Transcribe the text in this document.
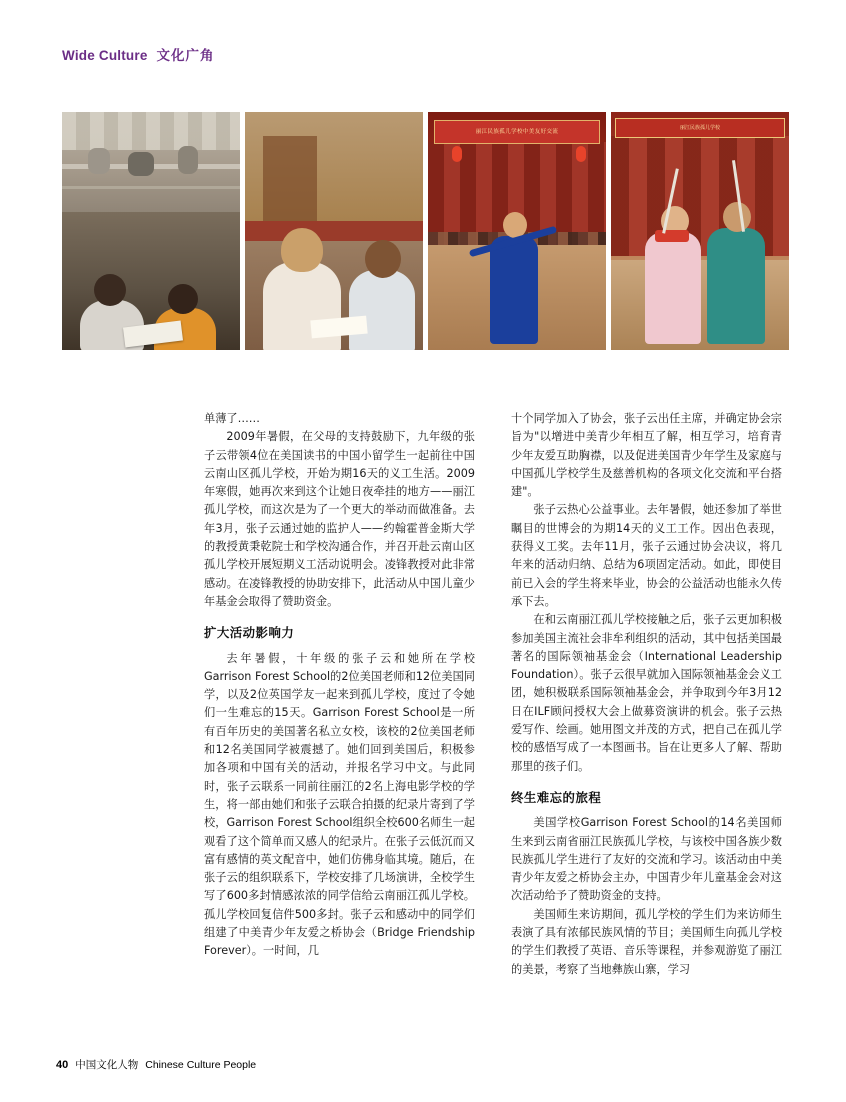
Wide Culture 文化广角
丽江民族孤儿学校中美友好交流
丽江民族孤儿学校

单薄了……

2009年暑假，在父母的支持鼓励下，九年级的张子云带领4位在美国读书的中国小留学生一起前往中国云南山区孤儿学校，开始为期16天的义工生活。2009年寒假，她再次来到这个让她日夜牵挂的地方——丽江孤儿学校，而这次是为了一个更大的举动而做准备。去年3月，张子云通过她的监护人——约翰霍普金斯大学的教授黄秉乾院士和学校沟通合作，并召开赴云南山区孤儿学校开展短期义工活动说明会。凌锋教授对此非常感动。在凌锋教授的协助安排下，此活动从中国儿童少年基金会取得了赞助资金。

扩大活动影响力

去年暑假，十年级的张子云和她所在学校Garrison Forest School的2位美国老师和12位美国同学，以及2位英国学友一起来到孤儿学校，度过了令她们一生难忘的15天。Garrison Forest School是一所有百年历史的美国著名私立女校，该校的2位美国老师和12名美国同学被震撼了。她们回到美国后，积极参加各项和中国有关的活动，并报名学习中文。与此同时，张子云联系一同前往丽江的2名上海电影学校的学生，将一部由她们和张子云联合拍摄的纪录片寄到了学校，Garrison Forest School组织全校600名师生一起观看了这个简单而又感人的纪录片。在张子云低沉而又富有感情的英文配音中，她们仿佛身临其境。随后，在张子云的组织联系下，学校安排了几场演讲，全校学生写了600多封情感浓浓的同学信给云南丽江孤儿学校。孤儿学校回复信件500多封。张子云和感动中的同学们组建了中美青少年友爱之桥协会（Bridge Friendship Forever）。一时间，几

十个同学加入了协会，张子云出任主席，并确定协会宗旨为"以增进中美青少年相互了解，相互学习，培育青少年友爱互助胸襟，以及促进美国青少年学生及家庭与中国孤儿学校学生及慈善机构的各项文化交流和平台搭建"。

张子云热心公益事业。去年暑假，她还参加了举世瞩目的世博会的为期14天的义工工作。因出色表现，获得义工奖。去年11月，张子云通过协会决议，将几年来的活动归纳、总结为6项固定活动。如此，即使目前已入会的学生将来毕业，协会的公益活动也能永久传承下去。

在和云南丽江孤儿学校接触之后，张子云更加积极参加美国主流社会非牟利组织的活动，其中包括美国最著名的国际领袖基金会（International Leadership Foundation）。张子云很早就加入国际领袖基金会义工团，她积极联系国际领袖基金会，并争取到今年3月12日在ILF顾问授权大会上做募资演讲的机会。张子云热爱写作、绘画。她用图文并茂的方式，把自己在孤儿学校的感悟写成了一本图画书。旨在让更多人了解、帮助那里的孩子们。

终生难忘的旅程

美国学校Garrison Forest School的14名美国师生来到云南省丽江民族孤儿学校，与该校中国各族少数民族孤儿学生进行了友好的交流和学习。该活动由中美青少年友爱之桥协会主办，中国青少年儿童基金会对这次活动给予了赞助资金的支持。

美国师生来访期间，孤儿学校的学生们为来访师生表演了具有浓郁民族风情的节目；美国师生向孤儿学校的学生们教授了英语、音乐等课程，并参观游览了丽江的美景，考察了当地彝族山寨，学习

40 中国文化人物 Chinese Culture People
